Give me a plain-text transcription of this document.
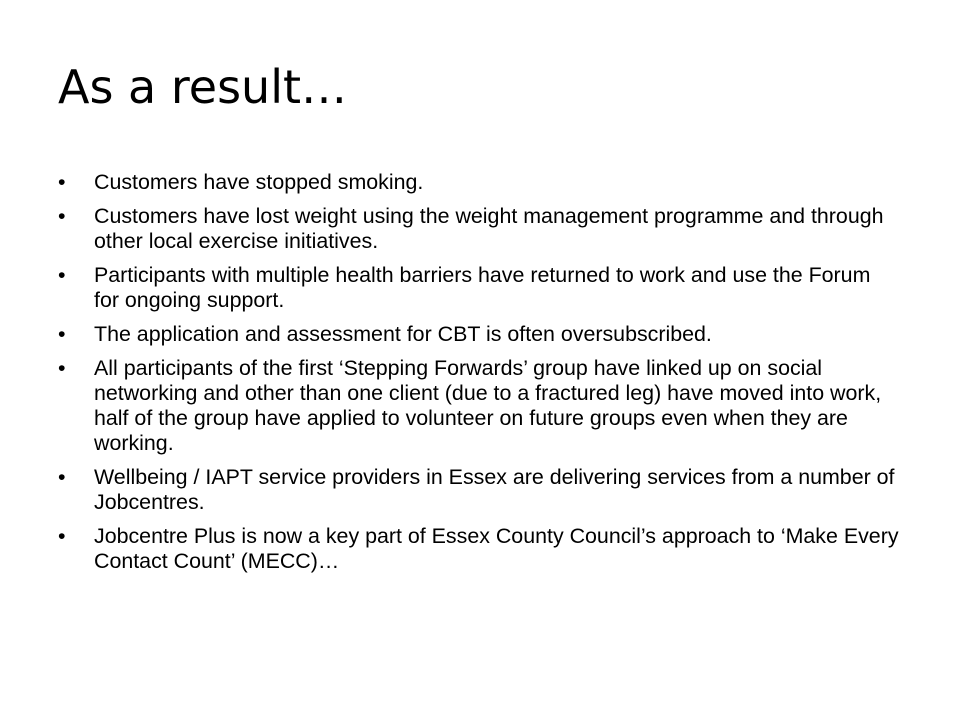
As a result…
•	Customers have stopped smoking.
•	Customers have lost weight using the weight management programme and through other local exercise initiatives.
•	Participants with multiple health barriers have returned to work and use the Forum for ongoing support.
•	The application and assessment for CBT is often oversubscribed.
•	All participants of the first ‘Stepping Forwards’ group have linked up on social networking and other than one client (due to a fractured leg) have moved into work, half of the group have applied to volunteer on future groups even when they are working.
•	Wellbeing / IAPT service providers in Essex are delivering services from a number of Jobcentres.
•	Jobcentre Plus is now a key part of Essex County Council’s approach to ‘Make Every Contact Count’ (MECC)…
